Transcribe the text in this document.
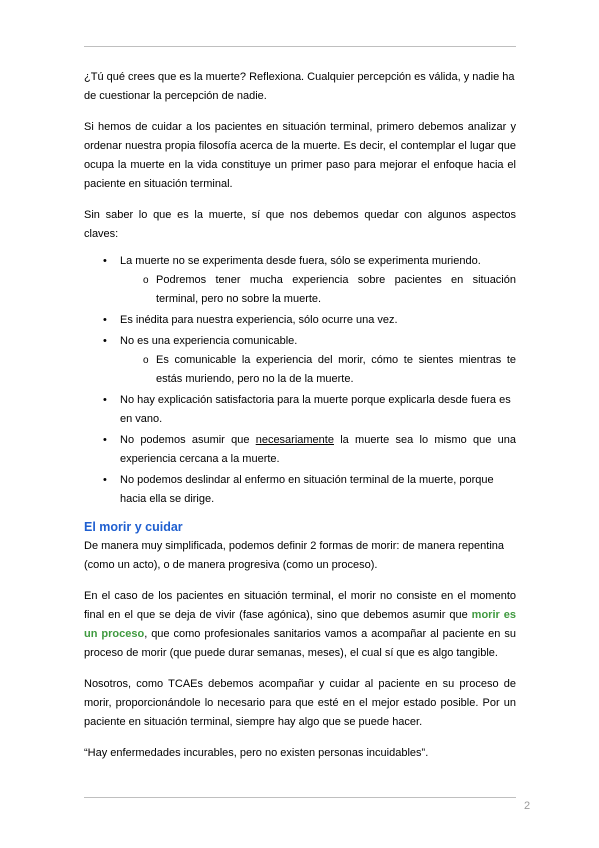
¿Tú qué crees que es la muerte? Reflexiona. Cualquier percepción es válida, y nadie ha de cuestionar la percepción de nadie.

Si hemos de cuidar a los pacientes en situación terminal, primero debemos analizar y ordenar nuestra propia filosofía acerca de la muerte. Es decir, el contemplar el lugar que ocupa la muerte en la vida constituye un primer paso para mejorar el enfoque hacia el paciente en situación terminal.

Sin saber lo que es la muerte, sí que nos debemos quedar con algunos aspectos claves:

• La muerte no se experimenta desde fuera, sólo se experimenta muriendo.
o Podremos tener mucha experiencia sobre pacientes en situación terminal, pero no sobre la muerte.
• Es inédita para nuestra experiencia, sólo ocurre una vez.
• No es una experiencia comunicable.
o Es comunicable la experiencia del morir, cómo te sientes mientras te estás muriendo, pero no la de la muerte.
• No hay explicación satisfactoria para la muerte porque explicarla desde fuera es en vano.
• No podemos asumir que necesariamente la muerte sea lo mismo que una experiencia cercana a la muerte.
• No podemos deslindar al enfermo en situación terminal de la muerte, porque hacia ella se dirige.
El morir y cuidar

De manera muy simplificada, podemos definir 2 formas de morir: de manera repentina (como un acto), o de manera progresiva (como un proceso).

En el caso de los pacientes en situación terminal, el morir no consiste en el momento final en el que se deja de vivir (fase agónica), sino que debemos asumir que morir es un proceso, que como profesionales sanitarios vamos a acompañar al paciente en su proceso de morir (que puede durar semanas, meses), el cual sí que es algo tangible.

Nosotros, como TCAEs debemos acompañar y cuidar al paciente en su proceso de morir, proporcionándole lo necesario para que esté en el mejor estado posible. Por un paciente en situación terminal, siempre hay algo que se puede hacer.

“Hay enfermedades incurables, pero no existen personas incuidables”.

2
